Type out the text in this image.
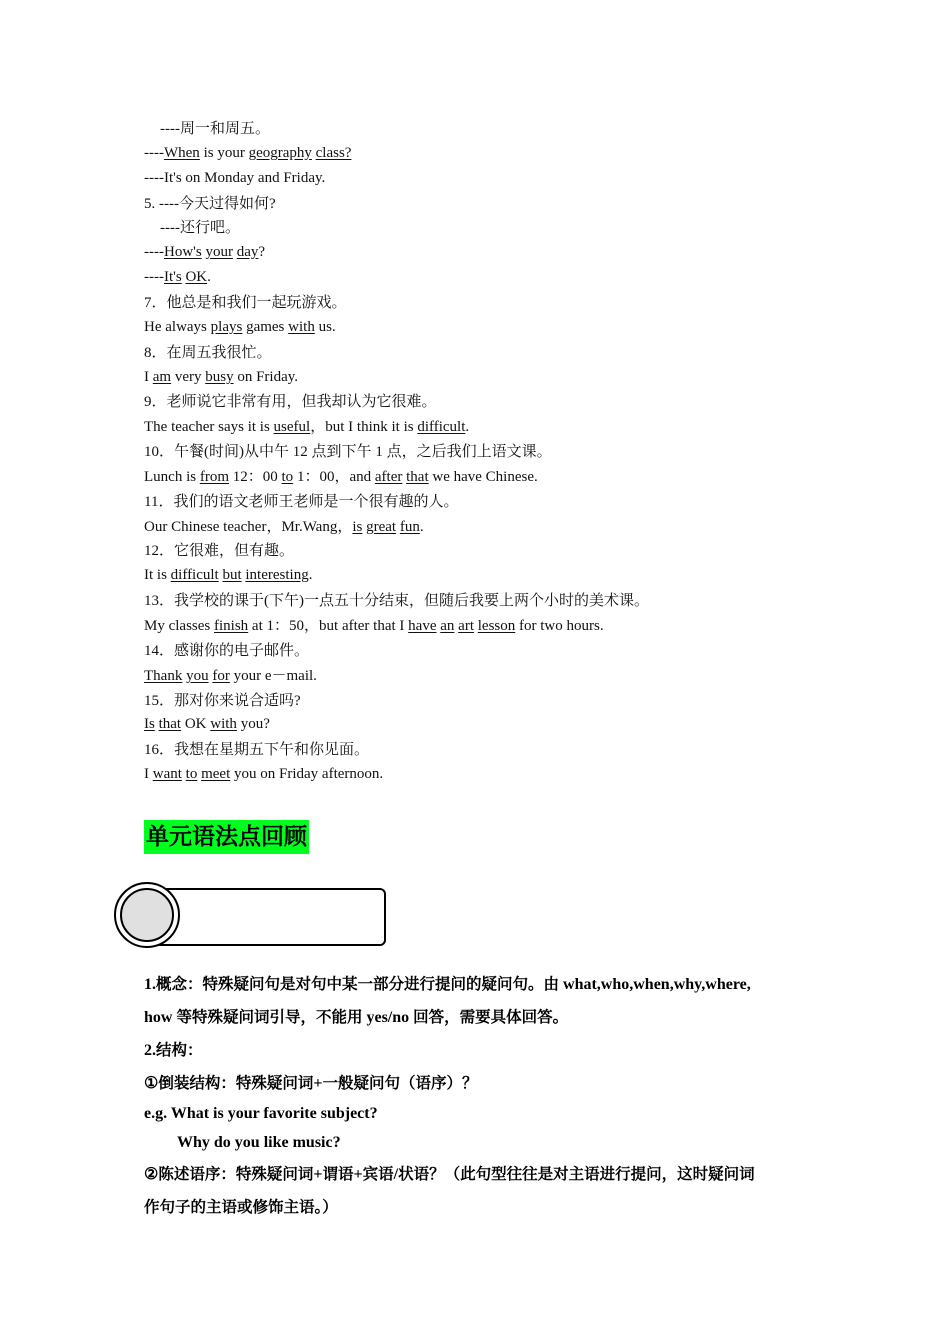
----周一和周五。
----When is your geography class?
----It's on Monday and Friday.
5. ----今天过得如何?
----还行吧。
----How's your day?
----It's OK.
7．他总是和我们一起玩游戏。
He always plays games with us.
8．在周五我很忙。
I am very busy on Friday.
9．老师说它非常有用，但我却认为它很难。
The teacher says it is useful，but I think it is difficult.
10．午餐(时间)从中午 12 点到下午 1 点，之后我们上语文课。
Lunch is from 12：00 to 1：00，and after that we have Chinese.
11．我们的语文老师王老师是一个很有趣的人。
Our Chinese teacher，Mr.Wang，is great fun.
12．它很难，但有趣。
It is difficult but interesting.
13．我学校的课于(下午)一点五十分结束，但随后我要上两个小时的美术课。
My classes finish at 1：50，but after that I have an art lesson for two hours.
14．感谢你的电子邮件。
Thank you for your e－mail.
15．那对你来说合适吗?
Is that OK with you?
16．我想在星期五下午和你见面。
I want to meet you on Friday afternoon.
单元语法点回顾
1.概念：特殊疑问句是对句中某一部分进行提问的疑问句。由 what,who,when,why,where,
how 等特殊疑问词引导，不能用 yes/no 回答，需要具体回答。
2.结构：
①倒装结构：特殊疑问词+一般疑问句（语序）？
e.g. What is your favorite subject?
Why do you like music?
②陈述语序：特殊疑问词+谓语+宾语/状语？（此句型往往是对主语进行提问，这时疑问词
作句子的主语或修饰主语。）
